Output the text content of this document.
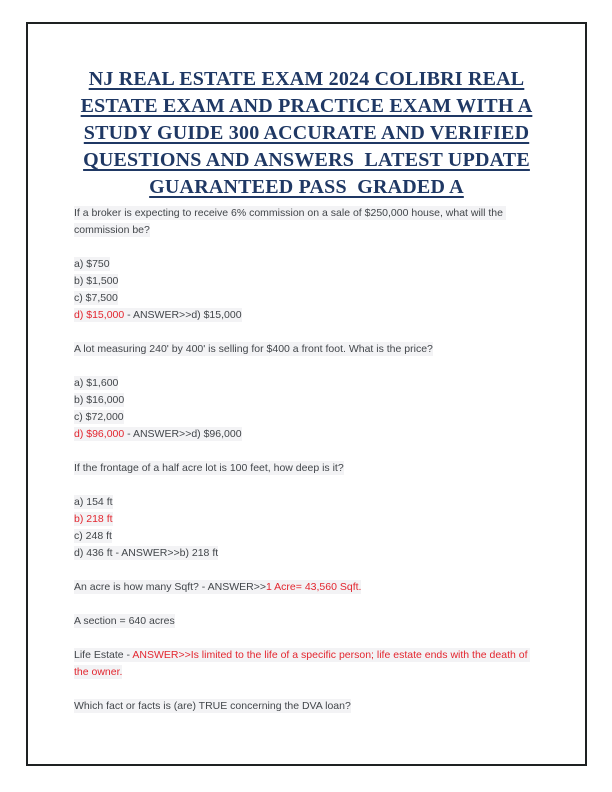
NJ REAL ESTATE EXAM 2024 COLIBRI REAL
ESTATE EXAM AND PRACTICE EXAM WITH A
STUDY GUIDE 300 ACCURATE AND VERIFIED
QUESTIONS AND ANSWERS  LATEST UPDATE
GUARANTEED PASS  GRADED A

If a broker is expecting to receive 6% commission on a sale of $250,000 house, what will the commission be?

a) $750

b) $1,500

c) $7,500

d) $15,000 - ANSWER>>d) $15,000

A lot measuring 240' by 400' is selling for $400 a front foot. What is the price?

a) $1,600

b) $16,000

c) $72,000

d) $96,000 - ANSWER>>d) $96,000

If the frontage of a half acre lot is 100 feet, how deep is it?

a) 154 ft

b) 218 ft

c) 248 ft

d) 436 ft - ANSWER>>b) 218 ft

An acre is how many Sqft? - ANSWER>>1 Acre= 43,560 Sqft.

A section = 640 acres

Life Estate - ANSWER>>Is limited to the life of a specific person; life estate ends with the death of the owner.

Which fact or facts is (are) TRUE concerning the DVA loan?
